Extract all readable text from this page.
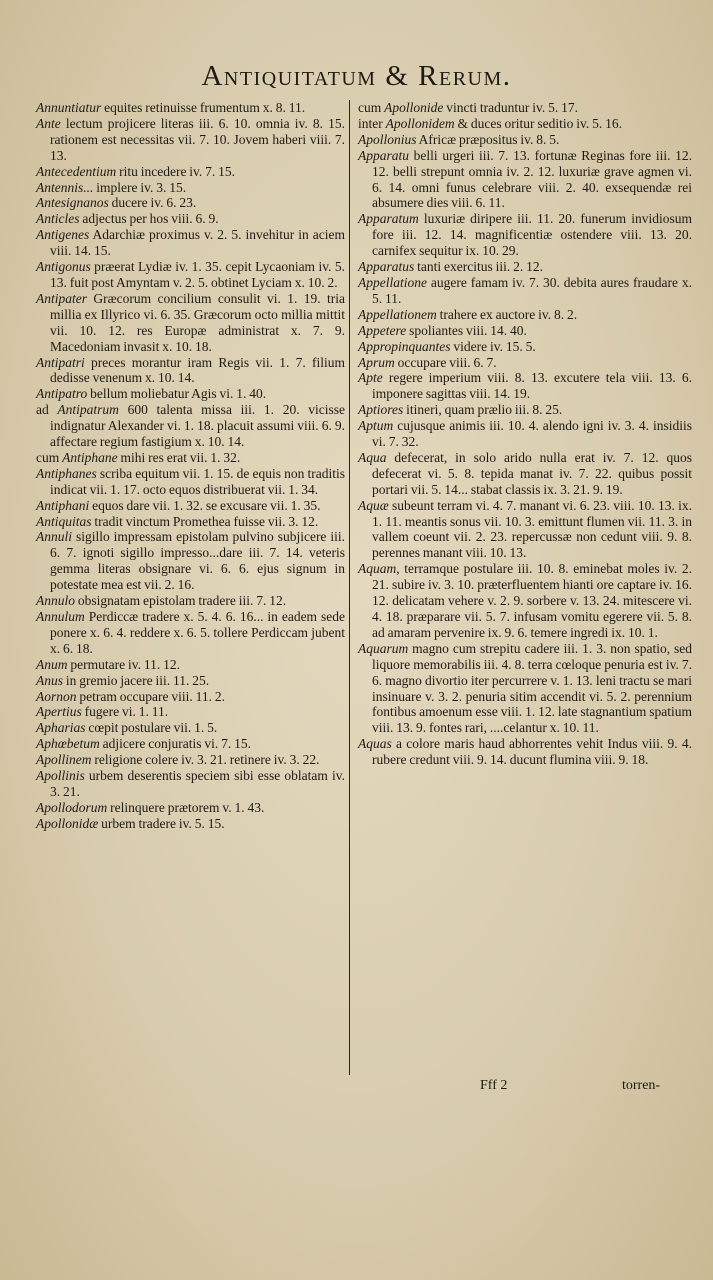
Antiquitatum & Rerum.

Annuntiatur equites retinuisse frumentum x. 8. 11.

Ante lectum projicere literas iii. 6. 10. omnia iv. 8. 15. rationem est necessitas vii. 7. 10. Jovem haberi viii. 7. 13.

Antecedentium ritu incedere iv. 7. 15.

Antennis... implere iv. 3. 15.

Antesignanos ducere iv. 6. 23.

Anticles adjectus per hos viii. 6. 9.

Antigenes Adarchiæ proximus v. 2. 5. invehitur in aciem viii. 14. 15.

Antigonus præerat Lydiæ iv. 1. 35. cepit Lycaoniam iv. 5. 13. fuit post Amyntam v. 2. 5. obtinet Lyciam x. 10. 2.

Antipater Græcorum concilium consulit vi. 1. 19. tria millia ex Illyrico vi. 6. 35. Græcorum octo millia mittit vii. 10. 12. res Europæ administrat x. 7. 9. Macedoniam invasit x. 10. 18.

Antipatri preces morantur iram Regis vii. 1. 7. filium dedisse venenum x. 10. 14.

Antipatro bellum moliebatur Agis vi. 1. 40.

ad Antipatrum 600 talenta missa iii. 1. 20. vicisse indignatur Alexander vi. 1. 18. placuit assumi viii. 6. 9. affectare regium fastigium x. 10. 14.

cum Antiphane mihi res erat vii. 1. 32.

Antiphanes scriba equitum vii. 1. 15. de equis non traditis indicat vii. 1. 17. octo equos distribuerat vii. 1. 34.

Antiphani equos dare vii. 1. 32. se excusare vii. 1. 35.

Antiquitas tradit vinctum Promethea fuisse vii. 3. 12.

Annuli sigillo impressam epistolam pulvino subjicere iii. 6. 7. ignoti sigillo impresso...dare iii. 7. 14. veteris gemma literas obsignare vi. 6. 6. ejus signum in potestate mea est vii. 2. 16.

Annulo obsignatam epistolam tradere iii. 7. 12.

Annulum Perdiccæ tradere x. 5. 4. 6. 16... in eadem sede ponere x. 6. 4. reddere x. 6. 5. tollere Perdiccam jubent x. 6. 18.

Anum permutare iv. 11. 12.

Anus in gremio jacere iii. 11. 25.

Aornon petram occupare viii. 11. 2.

Apertius fugere vi. 1. 11.

Apharias cœpit postulare vii. 1. 5.

Aphœbetum adjicere conjuratis vi. 7. 15.

Apollinem religione colere iv. 3. 21. retinere iv. 3. 22.

Apollinis urbem deserentis speciem sibi esse oblatam iv. 3. 21.

Apollodorum relinquere prætorem v. 1. 43.

Apollonidæ urbem tradere iv. 5. 15.

cum Apollonide vincti traduntur iv. 5. 17.

inter Apollonidem & duces oritur seditio iv. 5. 16.

Apollonius Africæ præpositus iv. 8. 5.

Apparatu belli urgeri iii. 7. 13. fortunæ Reginas fore iii. 12. 12. belli strepunt omnia iv. 2. 12. luxuriæ grave agmen vi. 6. 14. omni funus celebrare viii. 2. 40. exsequendæ rei absumere dies viii. 6. 11.

Apparatum luxuriæ diripere iii. 11. 20. funerum invidiosum fore iii. 12. 14. magnificentiæ ostendere viii. 13. 20. carnifex sequitur ix. 10. 29.

Apparatus tanti exercitus iii. 2. 12.

Appellatione augere famam iv. 7. 30. debita aures fraudare x. 5. 11.

Appellationem trahere ex auctore iv. 8. 2.

Appetere spoliantes viii. 14. 40.

Appropinquantes videre iv. 15. 5.

Aprum occupare viii. 6. 7.

Apte regere imperium viii. 8. 13. excutere tela viii. 13. 6. imponere sagittas viii. 14. 19.

Aptiores itineri, quam prælio iii. 8. 25.

Aptum cujusque animis iii. 10. 4. alendo igni iv. 3. 4. insidiis vi. 7. 32.

Aqua defecerat, in solo arido nulla erat iv. 7. 12. quos defecerat vi. 5. 8. tepida manat iv. 7. 22. quibus possit portari vii. 5. 14... stabat classis ix. 3. 21. 9. 19.

Aquæ subeunt terram vi. 4. 7. manant vi. 6. 23. viii. 10. 13. ix. 1. 11. meantis sonus vii. 10. 3. emittunt flumen vii. 11. 3. in vallem coeunt vii. 2. 23. repercussæ non cedunt viii. 9. 8. perennes manant viii. 10. 13.

Aquam, terramque postulare iii. 10. 8. eminebat moles iv. 2. 21. subire iv. 3. 10. præterfluentem hianti ore captare iv. 16. 12. delicatam vehere v. 2. 9. sorbere v. 13. 24. mitescere vi. 4. 18. præparare vii. 5. 7. infusam vomitu egerere vii. 5. 8. ad amaram pervenire ix. 9. 6. temere ingredi ix. 10. 1.

Aquarum magno cum strepitu cadere iii. 1. 3. non spatio, sed liquore memorabilis iii. 4. 8. terra cœloque penuria est iv. 7. 6. magno divortio iter percurrere v. 1. 13. leni tractu se mari insinuare v. 3. 2. penuria sitim accendit vi. 5. 2. perennium fontibus amoenum esse viii. 1. 12. late stagnantium spatium viii. 13. 9. fontes rari, ....celantur x. 10. 11.

Aquas a colore maris haud abhorrentes vehit Indus viii. 9. 4. rubere credunt viii. 9. 14. ducunt flumina viii. 9. 18.

Fff 2	torren-
